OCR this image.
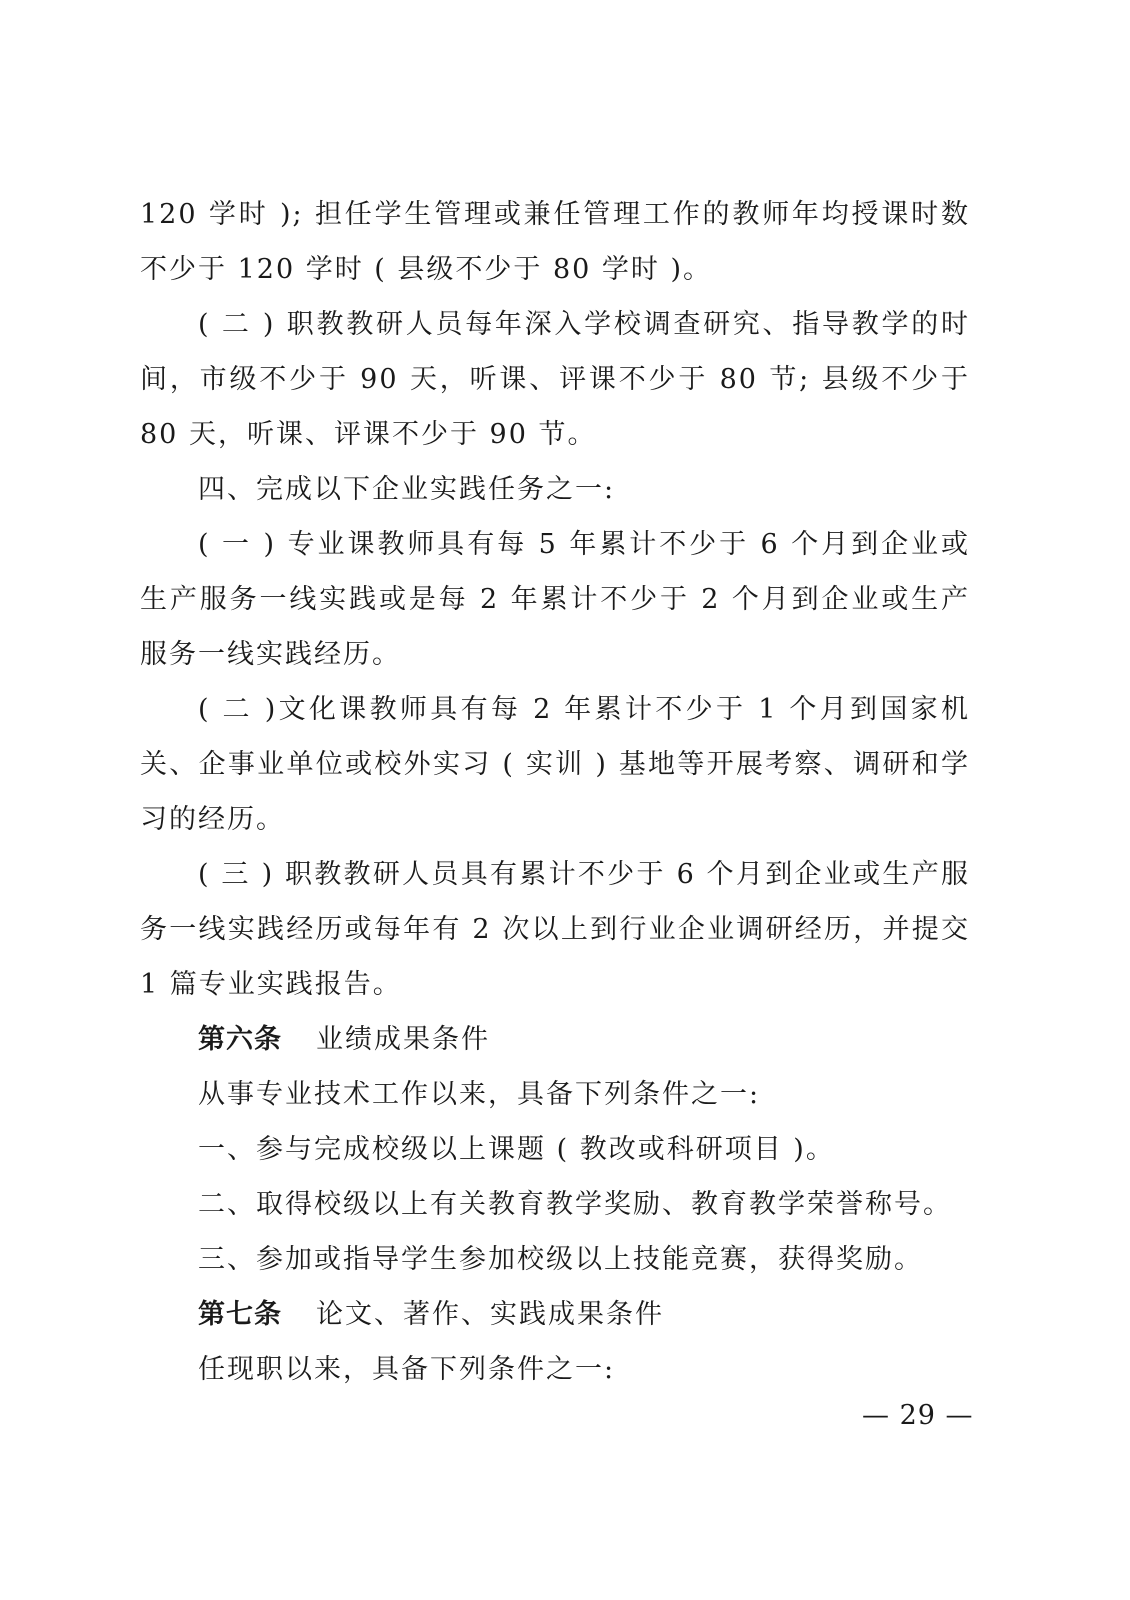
120 学时 ); 担任学生管理或兼任管理工作的教师年均授课时数不少于 120 学时 ( 县级不少于 80 学时 )。

( 二 ) 职教教研人员每年深入学校调查研究、指导教学的时间，市级不少于 90 天，听课、评课不少于 80 节; 县级不少于 80 天，听课、评课不少于 90 节。

四、完成以下企业实践任务之一:

( 一 ) 专业课教师具有每 5 年累计不少于 6 个月到企业或生产服务一线实践或是每 2 年累计不少于 2 个月到企业或生产服务一线实践经历。

( 二 )文化课教师具有每 2 年累计不少于 1 个月到国家机关、企事业单位或校外实习 ( 实训 ) 基地等开展考察、调研和学习的经历。

( 三 ) 职教教研人员具有累计不少于 6 个月到企业或生产服务一线实践经历或每年有 2 次以上到行业企业调研经历，并提交 1 篇专业实践报告。

第六条 业绩成果条件

从事专业技术工作以来，具备下列条件之一:

一、参与完成校级以上课题 ( 教改或科研项目 )。

二、取得校级以上有关教育教学奖励、教育教学荣誉称号。

三、参加或指导学生参加校级以上技能竞赛，获得奖励。

第七条 论文、著作、实践成果条件

任现职以来，具备下列条件之一:

— 29 —
